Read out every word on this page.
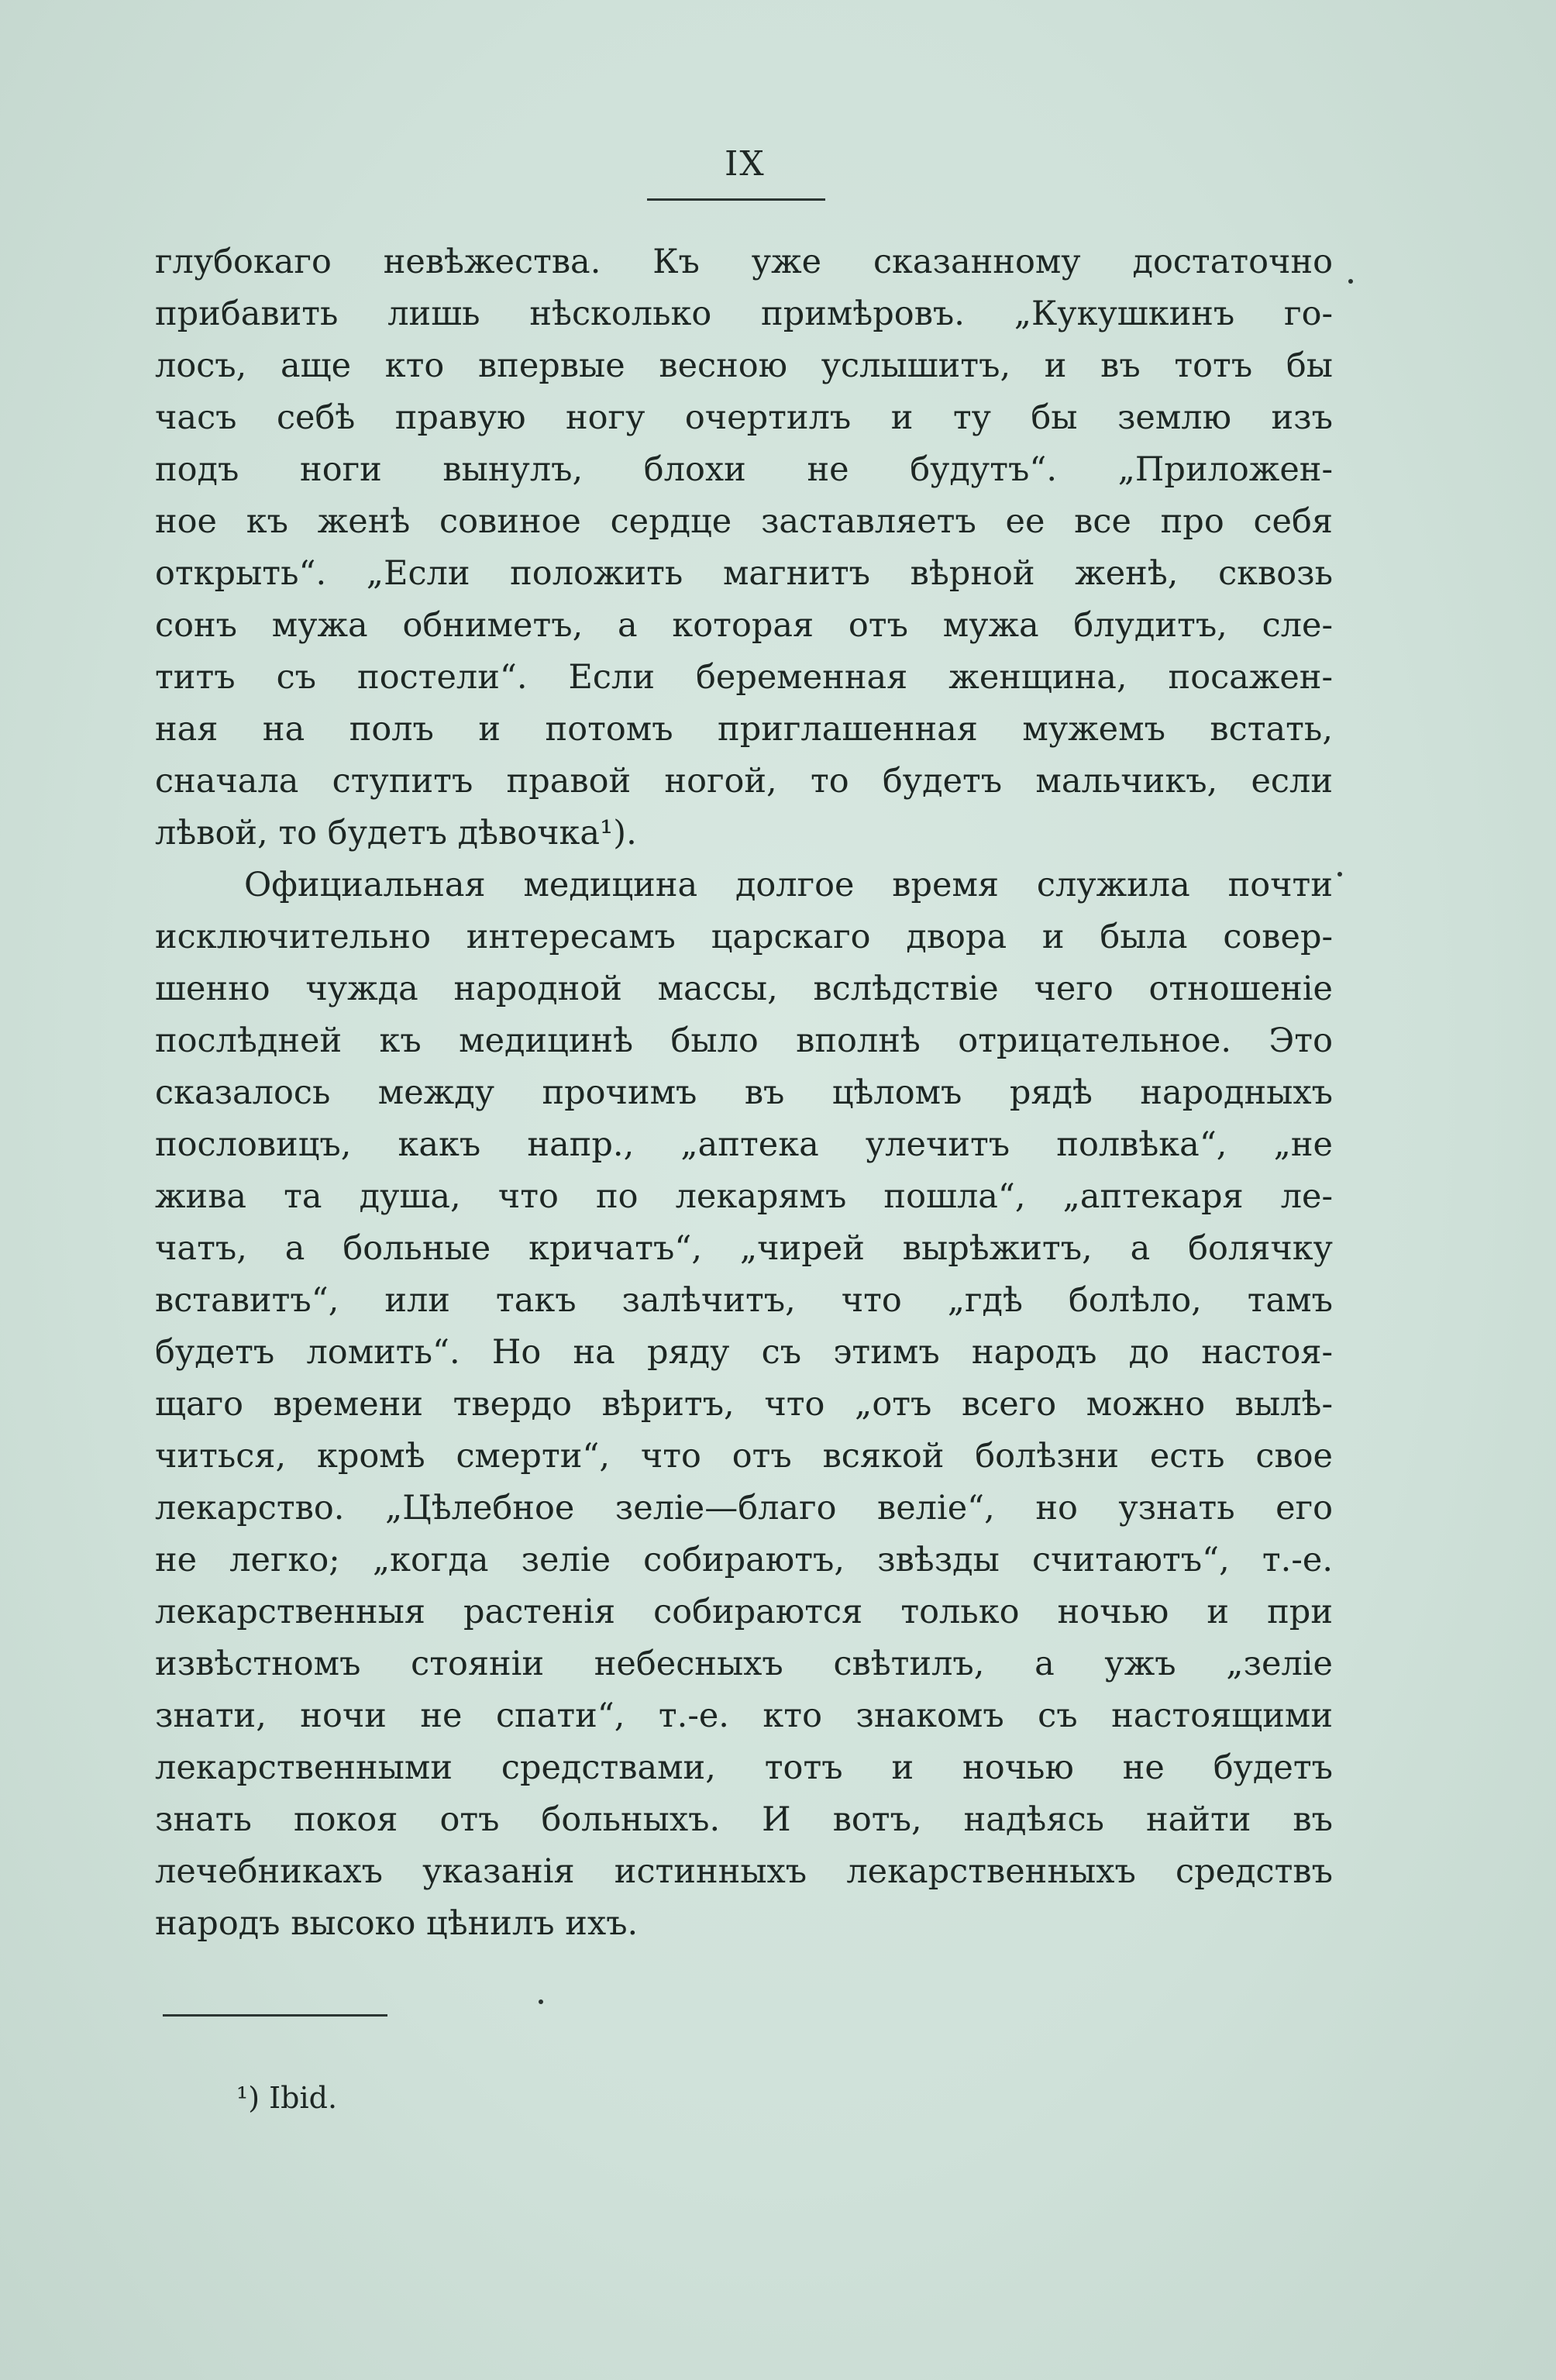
IX
глубокаго невѣжества. Къ уже сказанному достаточно
прибавить лишь нѣсколько примѣровъ. „Кукушкинъ го-
лосъ, аще кто впервые весною услышитъ, и въ тотъ бы
часъ себѣ правую ногу очертилъ и ту бы землю изъ
подъ ноги вынулъ, блохи не будутъ“. „Приложен-
ное къ женѣ совиное сердце заставляетъ ее все про себя
открыть“. „Если положить магнитъ вѣрной женѣ, сквозь
сонъ мужа обниметъ, а которая отъ мужа блудитъ, сле-
титъ съ постели“. Если беременная женщина, посажен-
ная на полъ и потомъ приглашенная мужемъ встать,
сначала ступитъ правой ногой, то будетъ мальчикъ, если
лѣвой, то будетъ дѣвочка¹).
Официальная медицина долгое время служила почти
исключительно интересамъ царскаго двора и была совер-
шенно чужда народной массы, вслѣдствіе чего отношеніе
послѣдней къ медицинѣ было вполнѣ отрицательное. Это
сказалось между прочимъ въ цѣломъ рядѣ народныхъ
пословицъ, какъ напр., „аптека улечитъ полвѣка“, „не
жива та душа, что по лекарямъ пошла“, „аптекаря ле-
чатъ, а больные кричатъ“, „чирей вырѣжитъ, а болячку
вставитъ“, или такъ залѣчитъ, что „гдѣ болѣло, тамъ
будетъ ломить“. Но на ряду съ этимъ народъ до настоя-
щаго времени твердо вѣритъ, что „отъ всего можно вылѣ-
читься, кромѣ смерти“, что отъ всякой болѣзни есть свое
лекарство. „Цѣлебное зеліе—благо веліе“, но узнать его
не легко; „когда зеліе собираютъ, звѣзды считаютъ“, т.-е.
лекарственныя растенія собираются только ночью и при
извѣстномъ стояніи небесныхъ свѣтилъ, а ужъ „зеліе
знати, ночи не спати“, т.-е. кто знакомъ съ настоящими
лекарственными средствами, тотъ и ночью не будетъ
знать покоя отъ больныхъ. И вотъ, надѣясь найти въ
лечебникахъ указанія истинныхъ лекарственныхъ средствъ
народъ высоко цѣнилъ ихъ.
¹) Ibid.
